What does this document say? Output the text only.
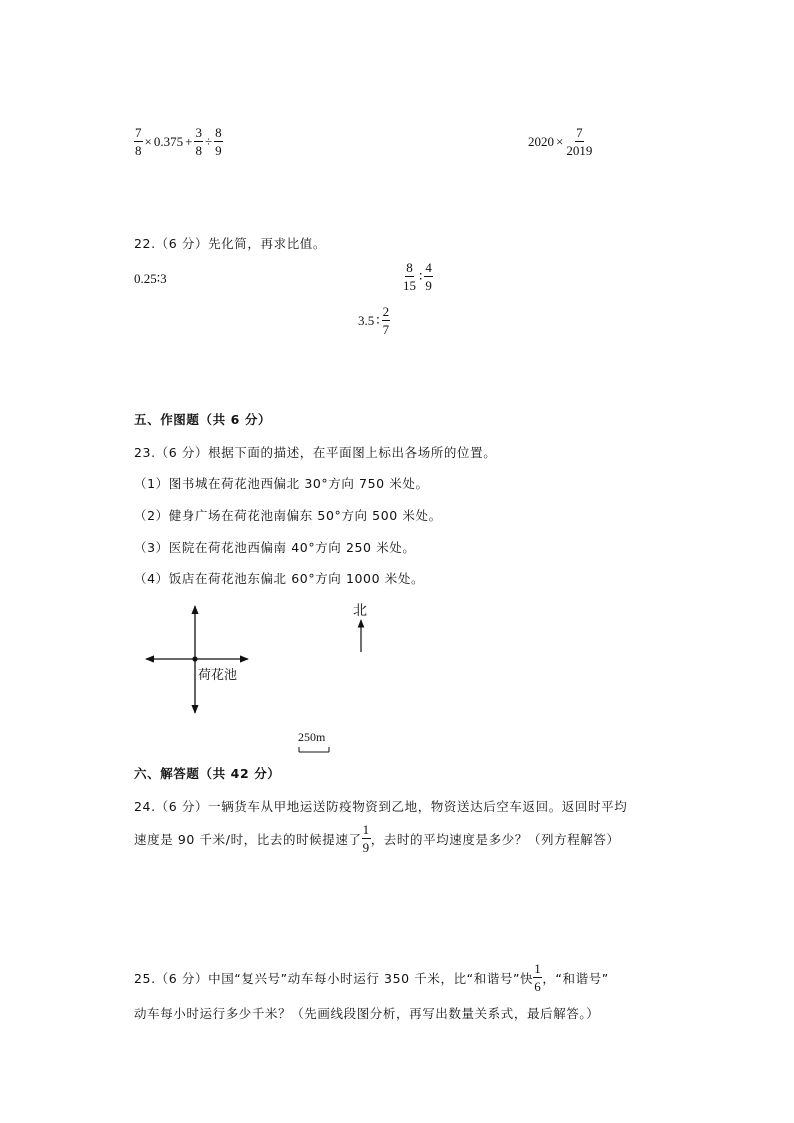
$\frac{7}{8} \times 0.375 + \frac{3}{8} \div \frac{8}{9}$	$2020 \times \frac{7}{2019}$
22.（6 分）先化简，再求比值。
0.25∶3	$\frac{8}{15}$ ∶ $\frac{4}{9}$
3.5 ∶ $\frac{2}{7}$
五、作图题（共 6 分）
23.（6 分）根据下面的描述，在平面图上标出各场所的位置。
（1）图书城在荷花池西偏北 30°方向 750 米处。
（2）健身广场在荷花池南偏东 50°方向 500 米处。
（3）医院在荷花池西偏南 40°方向 250 米处。
（4）饭店在荷花池东偏北 60°方向 1000 米处。
荷花池
北
250m
六、解答题（共 42 分）
24.（6 分）一辆货车从甲地运送防疫物资到乙地，物资送达后空车返回。返回时平均
速度是 90 千米/时，比去的时候提速了 $\frac{1}{9}$ ，去时的平均速度是多少？（列方程解答）
25.（6 分）中国“复兴号”动车每小时运行 350 千米，比“和谐号”快 $\frac{1}{6}$ ，“和谐号”
动车每小时运行多少千米？（先画线段图分析，再写出数量关系式，最后解答。）
